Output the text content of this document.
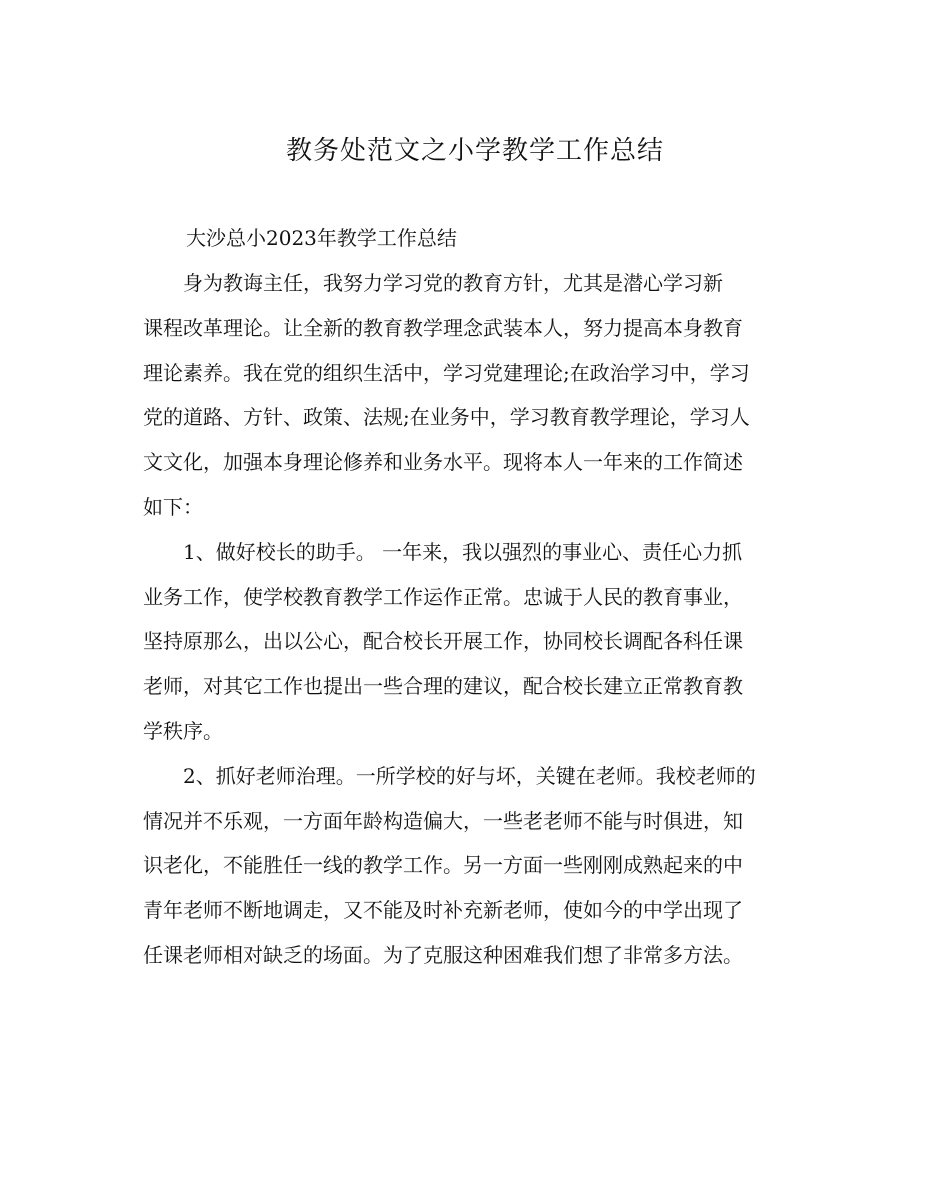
教务处范文之小学教学工作总结

大沙总小2023年教学工作总结

　　身为教诲主任，我努力学习党的教育方针，尤其是潜心学习新
课程改革理论。让全新的教育教学理念武装本人，努力提高本身教育
理论素养。我在党的组织生活中，学习党建理论;在政治学习中，学习
党的道路、方针、政策、法规;在业务中，学习教育教学理论，学习人
文文化，加强本身理论修养和业务水平。现将本人一年来的工作简述
如下：

　　1、做好校长的助手。 一年来，我以强烈的事业心、责任心力抓
业务工作，使学校教育教学工作运作正常。忠诚于人民的教育事业，
坚持原那么，出以公心，配合校长开展工作，协同校长调配各科任课
老师，对其它工作也提出一些合理的建议，配合校长建立正常教育教
学秩序。

　　2、抓好老师治理。一所学校的好与坏，关键在老师。我校老师的
情况并不乐观，一方面年龄构造偏大，一些老老师不能与时俱进，知
识老化，不能胜任一线的教学工作。另一方面一些刚刚成熟起来的中
青年老师不断地调走，又不能及时补充新老师，使如今的中学出现了
任课老师相对缺乏的场面。为了克服这种困难我们想了非常多方法。
